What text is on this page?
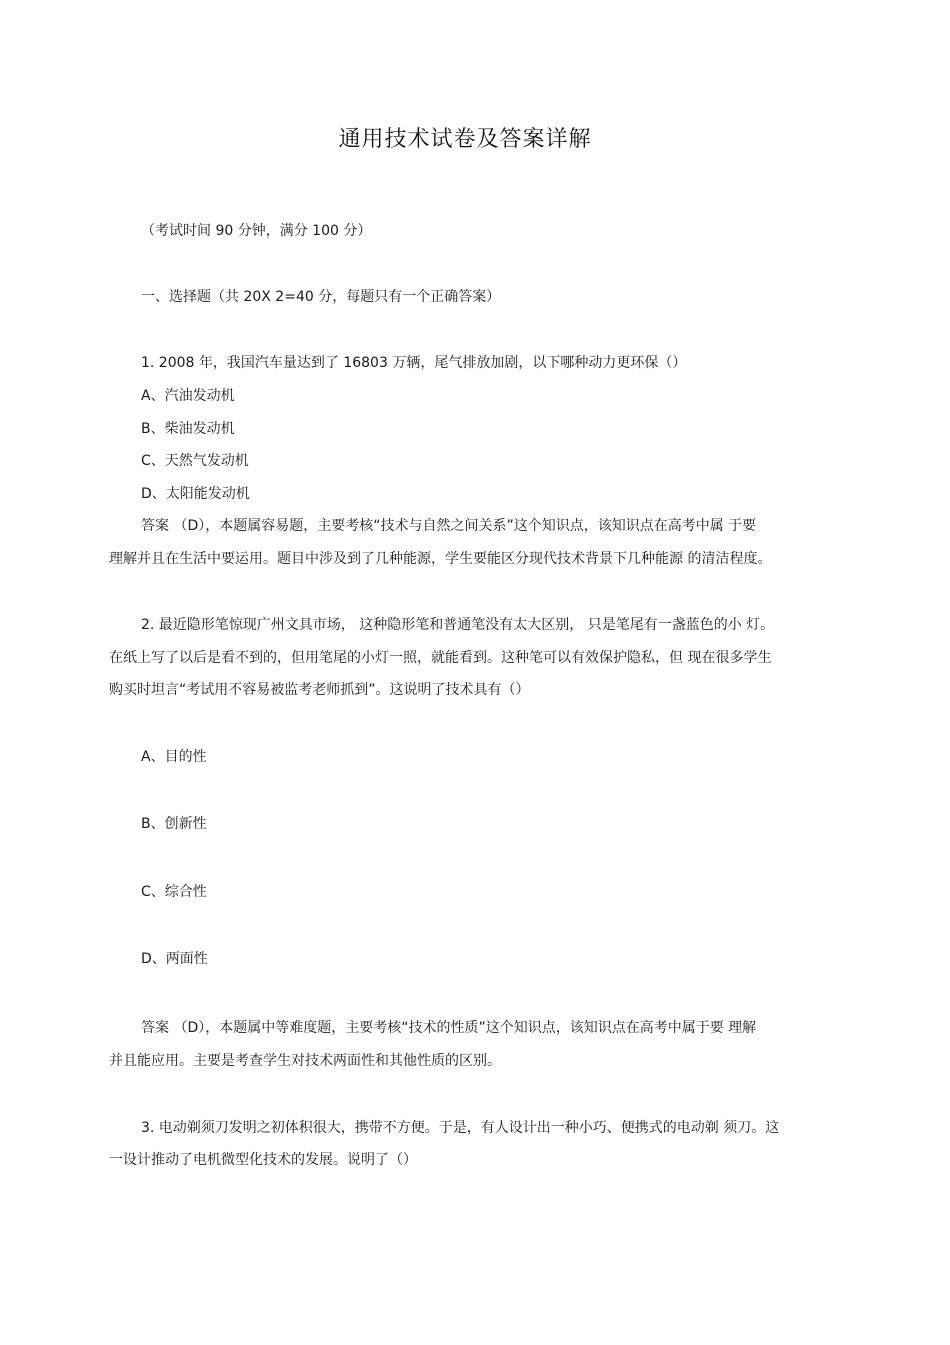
通用技术试卷及答案详解
（考试时间 90 分钟，满分 100 分）
一、选择题（共 20X 2=40 分，每题只有一个正确答案）
1. 2008 年，我国汽车量达到了 16803 万辆，尾气排放加剧，以下哪种动力更环保（）
A、汽油发动机
B、柴油发动机
C、天然气发动机
D、太阳能发动机
答案 （D），本题属容易题，主要考核“技术与自然之间关系”这个知识点，该知识点在高考中属 于要
理解并且在生活中要运用。题目中涉及到了几种能源，学生要能区分现代技术背景下几种能源 的清洁程度。
2. 最近隐形笔惊现广州文具市场， 这种隐形笔和普通笔没有太大区别， 只是笔尾有一盏蓝色的小 灯。
在纸上写了以后是看不到的，但用笔尾的小灯一照，就能看到。这种笔可以有效保护隐私，但 现在很多学生
购买时坦言“考试用不容易被监考老师抓到”。这说明了技术具有（）
A、目的性
B、创新性
C、综合性
D、两面性
答案 （D），本题属中等难度题，主要考核“技术的性质”这个知识点，该知识点在高考中属于要 理解
并且能应用。主要是考查学生对技术两面性和其他性质的区别。
3. 电动剃须刀发明之初体积很大，携带不方便。于是，有人设计出一种小巧、便携式的电动剃 须刀。这
一设计推动了电机微型化技术的发展。说明了（）
